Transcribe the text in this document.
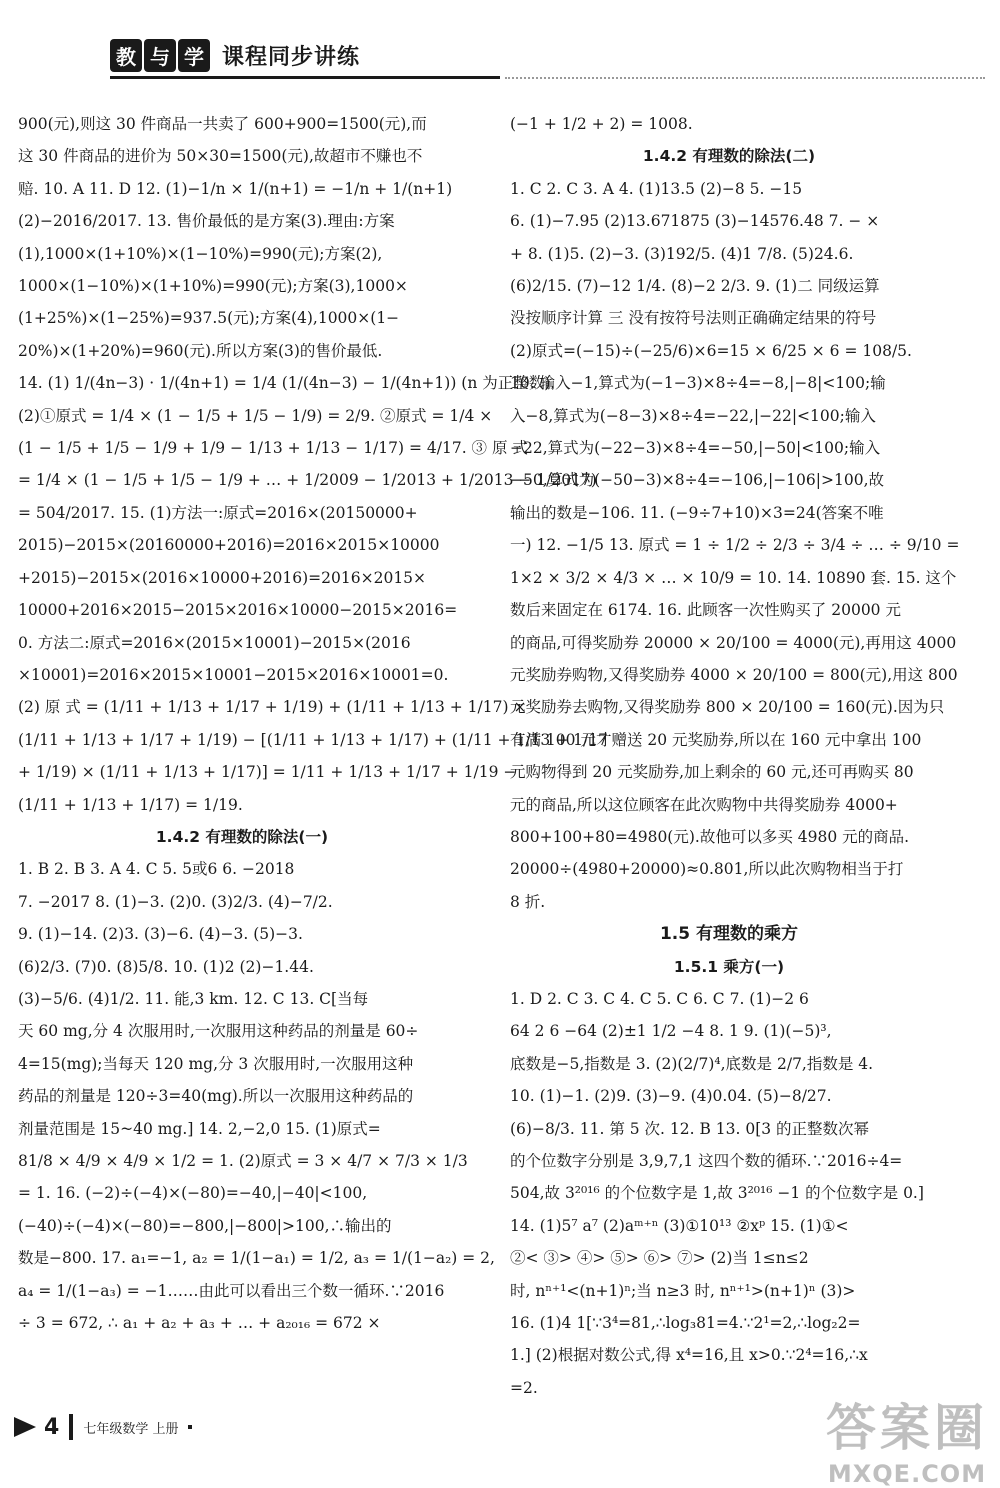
教 与 学 课程同步讲练

900(元),则这 30 件商品一共卖了 600+900=1500(元),而

这 30 件商品的进价为 50×30=1500(元),故超市不赚也不

赔. 10. A 11. D 12. (1)−1/n × 1/(n+1) = −1/n + 1/(n+1)

(2)−2016/2017. 13. 售价最低的是方案(3).理由:方案

(1),1000×(1+10%)×(1−10%)=990(元);方案(2),

1000×(1−10%)×(1+10%)=990(元);方案(3),1000×

(1+25%)×(1−25%)=937.5(元);方案(4),1000×(1−

20%)×(1+20%)=960(元).所以方案(3)的售价最低.

14. (1) 1/(4n−3) · 1/(4n+1) = 1/4 (1/(4n−3) − 1/(4n+1)) (n 为正整数).

(2)①原式 = 1/4 × (1 − 1/5 + 1/5 − 1/9) = 2/9. ②原式 = 1/4 ×

(1 − 1/5 + 1/5 − 1/9 + 1/9 − 1/13 + 1/13 − 1/17) = 4/17. ③ 原 式

= 1/4 × (1 − 1/5 + 1/5 − 1/9 + … + 1/2009 − 1/2013 + 1/2013 − 1/2017)

= 504/2017. 15. (1)方法一:原式=2016×(20150000+

2015)−2015×(20160000+2016)=2016×2015×10000

+2015)−2015×(2016×10000+2016)=2016×2015×

10000+2016×2015−2015×2016×10000−2015×2016=

0. 方法二:原式=2016×(2015×10001)−2015×(2016

×10001)=2016×2015×10001−2015×2016×10001=0.

(2) 原 式 = (1/11 + 1/13 + 1/17 + 1/19) + (1/11 + 1/13 + 1/17) ×

(1/11 + 1/13 + 1/17 + 1/19) − [(1/11 + 1/13 + 1/17) + (1/11 + 1/13 + 1/17

+ 1/19) × (1/11 + 1/13 + 1/17)] = 1/11 + 1/13 + 1/17 + 1/19 −

(1/11 + 1/13 + 1/17) = 1/19.

1.4.2 有理数的除法(一)

1. B 2. B 3. A 4. C 5. 5或6 6. −2018

7. −2017 8. (1)−3. (2)0. (3)2/3. (4)−7/2.

9. (1)−14. (2)3. (3)−6. (4)−3. (5)−3.

(6)2/3. (7)0. (8)5/8. 10. (1)2 (2)−1.44.

(3)−5/6. (4)1/2. 11. 能,3 km. 12. C 13. C[当每

天 60 mg,分 4 次服用时,一次服用这种药品的剂量是 60÷

4=15(mg);当每天 120 mg,分 3 次服用时,一次服用这种

药品的剂量是 120÷3=40(mg).所以一次服用这种药品的

剂量范围是 15~40 mg.] 14. 2,−2,0 15. (1)原式=

81/8 × 4/9 × 4/9 × 1/2 = 1. (2)原式 = 3 × 4/7 × 7/3 × 1/3

= 1. 16. (−2)÷(−4)×(−80)=−40,|−40|<100,

(−40)÷(−4)×(−80)=−800,|−800|>100,∴输出的

数是−800. 17. a₁=−1, a₂ = 1/(1−a₁) = 1/2, a₃ = 1/(1−a₂) = 2,

a₄ = 1/(1−a₃) = −1……由此可以看出三个数一循环.∵2016

÷ 3 = 672, ∴ a₁ + a₂ + a₃ + … + a₂₀₁₆ = 672 ×

(−1 + 1/2 + 2) = 1008.

1.4.2 有理数的除法(二)

1. C 2. C 3. A 4. (1)13.5 (2)−8 5. −15

6. (1)−7.95 (2)13.671875 (3)−14576.48 7. − ×

+ 8. (1)5. (2)−3. (3)192/5. (4)1 7/8. (5)24.6.

(6)2/15. (7)−12 1/4. (8)−2 2/3. 9. (1)二 同级运算

没按顺序计算 三 没有按符号法则正确确定结果的符号

(2)原式=(−15)÷(−25/6)×6=15 × 6/25 × 6 = 108/5.

10. 输入−1,算式为(−1−3)×8÷4=−8,|−8|<100;输

入−8,算式为(−8−3)×8÷4=−22,|−22|<100;输入

−22,算式为(−22−3)×8÷4=−50,|−50|<100;输入

−50,算式为(−50−3)×8÷4=−106,|−106|>100,故

输出的数是−106. 11. (−9÷7+10)×3=24(答案不唯

一) 12. −1/5 13. 原式 = 1 ÷ 1/2 ÷ 2/3 ÷ 3/4 ÷ … ÷ 9/10 =

1×2 × 3/2 × 4/3 × … × 10/9 = 10. 14. 10890 套. 15. 这个

数后来固定在 6174. 16. 此顾客一次性购买了 20000 元

的商品,可得奖励券 20000 × 20/100 = 4000(元),再用这 4000

元奖励券购物,又得奖励券 4000 × 20/100 = 800(元),用这 800

元奖励券去购物,又得奖励券 800 × 20/100 = 160(元).因为只

有满 100 元才赠送 20 元奖励券,所以在 160 元中拿出 100

元购物得到 20 元奖励券,加上剩余的 60 元,还可再购买 80

元的商品,所以这位顾客在此次购物中共得奖励券 4000+

800+100+80=4980(元).故他可以多买 4980 元的商品.

20000÷(4980+20000)≈0.801,所以此次购物相当于打

8 折.

1.5 有理数的乘方

1.5.1 乘方(一)

1. D 2. C 3. C 4. C 5. C 6. C 7. (1)−2 6

64 2 6 −64 (2)±1 1/2 −4 8. 1 9. (1)(−5)³,

底数是−5,指数是 3. (2)(2/7)⁴,底数是 2/7,指数是 4.

10. (1)−1. (2)9. (3)−9. (4)0.04. (5)−8/27.

(6)−8/3. 11. 第 5 次. 12. B 13. 0[3 的正整数次幂

的个位数字分别是 3,9,7,1 这四个数的循环.∵2016÷4=

504,故 3²⁰¹⁶ 的个位数字是 1,故 3²⁰¹⁶ −1 的个位数字是 0.]

14. (1)5⁷ a⁷ (2)aᵐ⁺ⁿ (3)①10¹³ ②xᵖ 15. (1)①<

②< ③> ④> ⑤> ⑥> ⑦> (2)当 1≤n≤2

时, nⁿ⁺¹<(n+1)ⁿ;当 n≥3 时, nⁿ⁺¹>(n+1)ⁿ (3)>

16. (1)4 1[∵3⁴=81,∴log₃81=4.∵2¹=2,∴log₂2=

1.] (2)根据对数公式,得 x⁴=16,且 x>0.∵2⁴=16,∴x

=2.

4 七年级数学 上册	答案圈
MXQE.COM
